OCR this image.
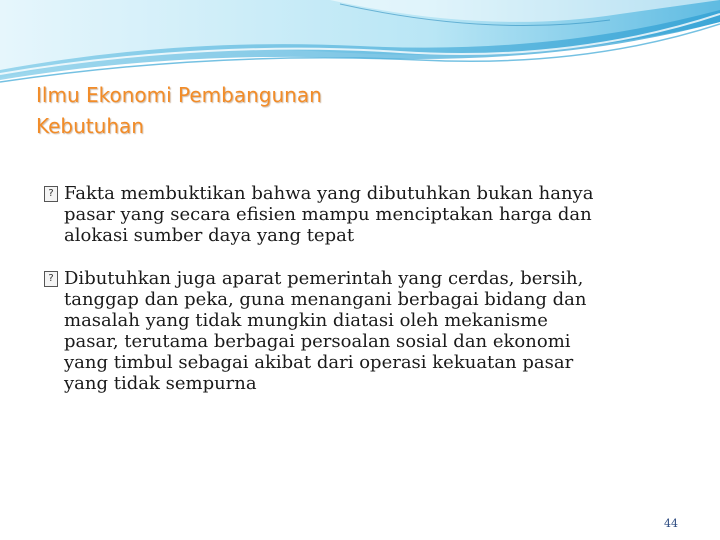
Ilmu Ekonomi Pembangunan
Kebutuhan
? Fakta membuktikan bahwa yang dibutuhkan bukan hanya
pasar yang secara efisien mampu menciptakan harga dan
alokasi sumber daya yang tepat
? Dibutuhkan juga aparat pemerintah yang cerdas, bersih,
tanggap dan peka, guna menangani berbagai bidang dan
masalah yang tidak mungkin diatasi oleh mekanisme
pasar, terutama berbagai persoalan sosial dan ekonomi
yang timbul sebagai akibat dari operasi kekuatan pasar
yang tidak sempurna
44
